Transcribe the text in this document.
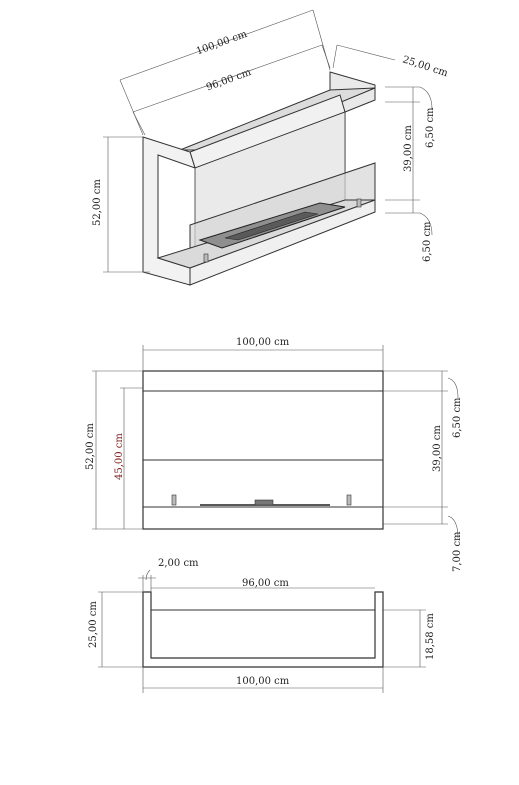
100,00 cm
96,00 cm
25,00 cm
52,00 cm
6,50 cm
39,00 cm
6,50 cm
100,00 cm
52,00 cm 45,00 cm
6,50 cm
39,00 cm
7,00 cm
2,00 cm
96,00 cm
25,00 cm	18,58 cm
100,00 cm
